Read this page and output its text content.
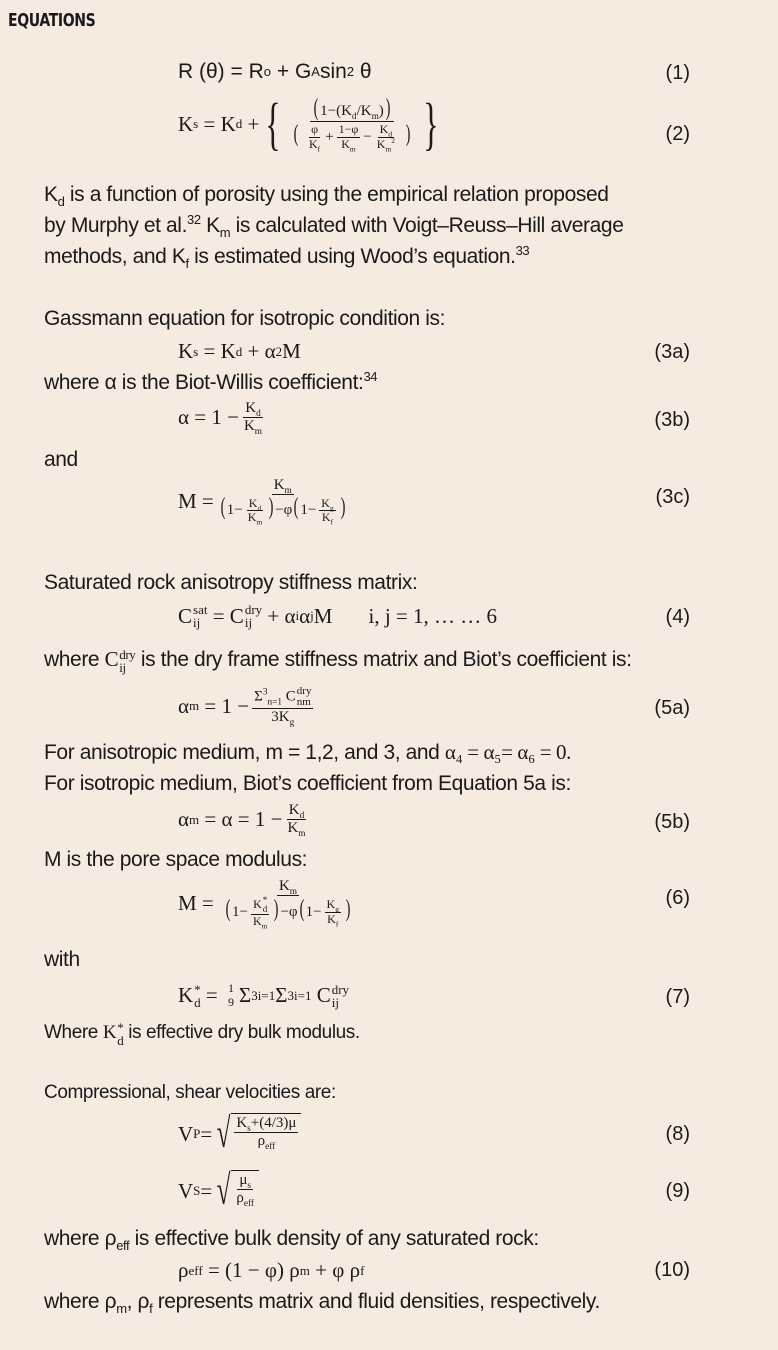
EQUATIONS
R (θ) = R o + G A sin 2 θ	(1)
K s = K d + { $\frac{( 1-(K_d/K_m))}{( \frac{\varphi}{K_f} + \frac{1-\varphi}{K_m} - \frac{K_d}{K_m^2} )}$ }	(2)
$K_d$ is a function of porosity using the empirical relation proposed
by Murphy et al.$^{32}$ $K_m$ is calculated with Voigt–Reuss–Hill average
methods, and $K_f$ is estimated using Wood’s equation.$^{33}$
Gassmann equation for isotropic condition is:
K s = K d + α 2 M	(3a)
where α is the Biot-Willis coefficient:$^{34}$
$\alpha = 1 - \frac{K_d}{K_m}$	(3b)
and
$M = \frac{K_m}{( 1- \frac{K_d}{K_m} ) -\varphi( 1- \frac{K_g}{K_f} )}$	(3c)
Saturated rock anisotropy stiffness matrix:
C sat
ij = C dry
ij + α i α j M i, j = 1, … … 6	(4)
where C dry
ij is the dry frame stiffness matrix and Biot’s coefficient is:
α $m = 1 - \Sigma^3_{n=1}$ C dry
nm
$3K_g$	(5a)
For anisotropic medium, m = 1,2, and 3, and α₄ = α₅= α₆ = 0.
For isotropic medium, Biot’s coefficient from Equation 5a is:
α $m = \alpha = 1 - \frac{K_d}{K_m}$	(5b)
M is the pore space modulus:
$M = K_m$
( 1− K *
d
$K_m$ ) −φ( $1- \frac{K_g}{K_f}$ )	(6)
with
K *
d = 1
9 Σ 3 i=1 Σ 3 i=1 C dry
ij	(7)
Where K *
d is effective dry bulk modulus.
Compressional, shear velocities are:
V P = √ $\frac{K_s+(4/3)\mu}{\rho_{eff}}$	(8)
V S = √ $\frac{\mu_s}{\rho_{eff}}$	(9)
where $\rho_{eff}$ is effective bulk density of any saturated rock:
ρ eff = (1 − φ) ρ m + φ ρ f	(10)
where $\rho_m$, $\rho_f$ represents matrix and fluid densities, respectively.
